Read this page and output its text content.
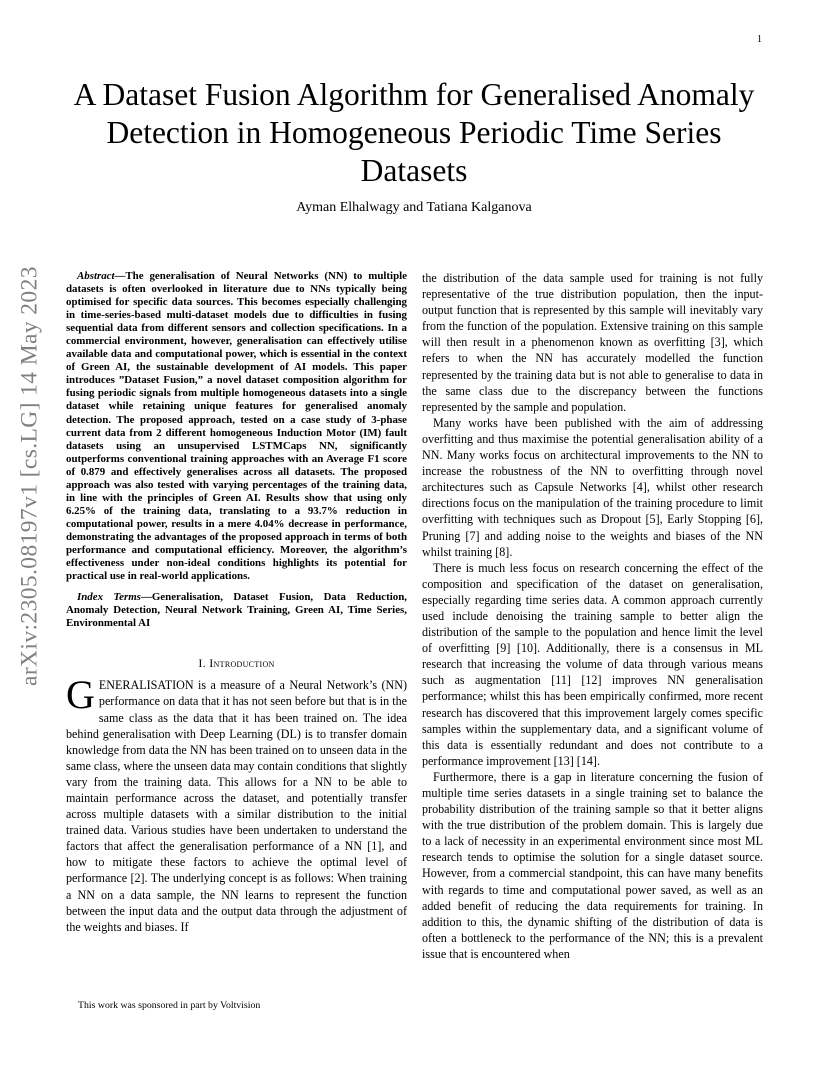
1
arXiv:2305.08197v1 [cs.LG] 14 May 2023
A Dataset Fusion Algorithm for Generalised Anomaly Detection in Homogeneous Periodic Time Series Datasets
Ayman Elhalwagy and Tatiana Kalganova

Abstract—The generalisation of Neural Networks (NN) to multiple datasets is often overlooked in literature due to NNs typically being optimised for specific data sources. This becomes especially challenging in time-series-based multi-dataset models due to difficulties in fusing sequential data from different sensors and collection specifications. In a commercial environment, however, generalisation can effectively utilise available data and computational power, which is essential in the context of Green AI, the sustainable development of AI models. This paper introduces ”Dataset Fusion,” a novel dataset composition algorithm for fusing periodic signals from multiple homogeneous datasets into a single dataset while retaining unique features for generalised anomaly detection. The proposed approach, tested on a case study of 3-phase current data from 2 different homogeneous Induction Motor (IM) fault datasets using an unsupervised LSTMCaps NN, significantly outperforms conventional training approaches with an Average F1 score of 0.879 and effectively generalises across all datasets. The proposed approach was also tested with varying percentages of the training data, in line with the principles of Green AI. Results show that using only 6.25% of the training data, translating to a 93.7% reduction in computational power, results in a mere 4.04% decrease in performance, demonstrating the advantages of the proposed approach in terms of both performance and computational efficiency. Moreover, the algorithm’s effectiveness under non-ideal conditions highlights its potential for practical use in real-world applications.

Index Terms—Generalisation, Dataset Fusion, Data Reduction, Anomaly Detection, Neural Network Training, Green AI, Time Series, Environmental AI

I. Introduction

GENERALISATION is a measure of a Neural Network’s (NN) performance on data that it has not seen before but that is in the same class as the data that it has been trained on. The idea behind generalisation with Deep Learning (DL) is to transfer domain knowledge from data the NN has been trained on to unseen data in the same class, where the unseen data may contain conditions that slightly vary from the training data. This allows for a NN to be able to maintain performance across the dataset, and potentially transfer across multiple datasets with a similar distribution to the initial trained data. Various studies have been undertaken to understand the factors that affect the generalisation performance of a NN [1], and how to mitigate these factors to achieve the optimal level of performance [2]. The underlying concept is as follows: When training a NN on a data sample, the NN learns to represent the function between the input data and the output data through the adjustment of the weights and biases. If

the distribution of the data sample used for training is not fully representative of the true distribution population, then the input-output function that is represented by this sample will inevitably vary from the function of the population. Extensive training on this sample will then result in a phenomenon known as overfitting [3], which refers to when the NN has accurately modelled the function represented by the training data but is not able to generalise to data in the same class due to the discrepancy between the functions represented by the sample and population.

Many works have been published with the aim of addressing overfitting and thus maximise the potential generalisation ability of a NN. Many works focus on architectural improvements to the NN to increase the robustness of the NN to overfitting through novel architectures such as Capsule Networks [4], whilst other research directions focus on the manipulation of the training procedure to limit overfitting with techniques such as Dropout [5], Early Stopping [6], Pruning [7] and adding noise to the weights and biases of the NN whilst training [8].

There is much less focus on research concerning the effect of the composition and specification of the dataset on generalisation, especially regarding time series data. A common approach currently used include denoising the training sample to better align the distribution of the sample to the population and hence limit the level of overfitting [9] [10]. Additionally, there is a consensus in ML research that increasing the volume of data through various means such as augmentation [11] [12] improves NN generalisation performance; whilst this has been empirically confirmed, more recent research has discovered that this improvement largely comes specific samples within the supplementary data, and a significant volume of this data is essentially redundant and does not contribute to a performance improvement [13] [14].

Furthermore, there is a gap in literature concerning the fusion of multiple time series datasets in a single training set to balance the probability distribution of the training sample so that it better aligns with the true distribution of the problem domain. This is largely due to a lack of necessity in an experimental environment since most ML research tends to optimise the solution for a single dataset source. However, from a commercial standpoint, this can have many benefits with regards to time and computational power saved, as well as an added benefit of reducing the data requirements for training. In addition to this, the dynamic shifting of the distribution of data is often a bottleneck to the performance of the NN; this is a prevalent issue that is encountered when

This work was sponsored in part by Voltvision
